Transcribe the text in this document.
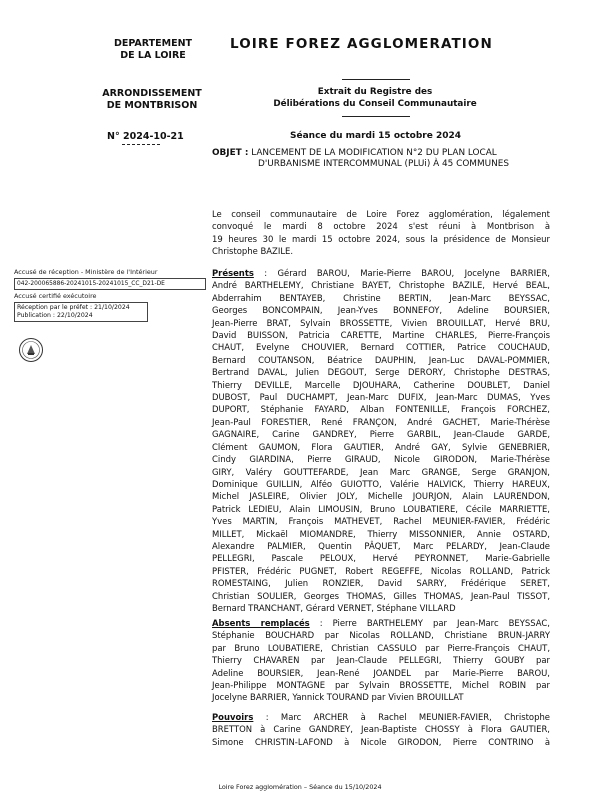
DEPARTEMENT
DE LA LOIRE
LOIRE FOREZ AGGLOMERATION
ARRONDISSEMENT
DE MONTBRISON
Extrait du Registre des
Délibérations du Conseil Communautaire
N° 2024-10-21	Séance du mardi 15 octobre 2024
OBJET : LANCEMENT DE LA MODIFICATION N°2 DU PLAN LOCAL
D'URBANISME INTERCOMMUNAL (PLUi) À 45 COMMUNES
Accusé de réception - Ministère de l'Intérieur
042-200065886-20241015-20241015_CC_D21-DE
Accusé certifié exécutoire
Réception par le préfet : 21/10/2024
Publication : 22/10/2024
Le conseil communautaire de Loire Forez agglomération, légalement
convoqué le mardi 8 octobre 2024 s'est réuni à Montbrison à
19 heures 30 le mardi 15 octobre 2024, sous la présidence de Monsieur
Christophe BAZILE.
Présents : Gérard BAROU, Marie-Pierre BAROU, Jocelyne BARRIER,
André BARTHELEMY, Christiane BAYET, Christophe BAZILE, Hervé BEAL,
Abderrahim BENTAYEB, Christine BERTIN, Jean-Marc BEYSSAC,
Georges BONCOMPAIN, Jean-Yves BONNEFOY, Adeline BOURSIER,
Jean-Pierre BRAT, Sylvain BROSSETTE, Vivien BROUILLAT, Hervé BRU,
David BUISSON, Patricia CARETTE, Martine CHARLES, Pierre-François
CHAUT, Evelyne CHOUVIER, Bernard COTTIER, Patrice COUCHAUD,
Bernard COUTANSON, Béatrice DAUPHIN, Jean-Luc DAVAL-POMMIER,
Bertrand DAVAL, Julien DEGOUT, Serge DERORY, Christophe DESTRAS,
Thierry DEVILLE, Marcelle DJOUHARA, Catherine DOUBLET, Daniel
DUBOST, Paul DUCHAMPT, Jean-Marc DUFIX, Jean-Marc DUMAS, Yves
DUPORT, Stéphanie FAYARD, Alban FONTENILLE, François FORCHEZ,
Jean-Paul FORESTIER, René FRANÇON, André GACHET, Marie-Thérèse
GAGNAIRE, Carine GANDREY, Pierre GARBIL, Jean-Claude GARDE,
Clément GAUMON, Flora GAUTIER, André GAY, Sylvie GENEBRIER,
Cindy GIARDINA, Pierre GIRAUD, Nicole GIRODON, Marie-Thérèse
GIRY, Valéry GOUTTEFARDE, Jean Marc GRANGE, Serge GRANJON,
Dominique GUILLIN, Alféo GUIOTTO, Valérie HALVICK, Thierry HAREUX,
Michel JASLEIRE, Olivier JOLY, Michelle JOURJON, Alain LAURENDON,
Patrick LEDIEU, Alain LIMOUSIN, Bruno LOUBATIERE, Cécile MARRIETTE,
Yves MARTIN, François MATHEVET, Rachel MEUNIER-FAVIER, Frédéric
MILLET, Mickaël MIOMANDRE, Thierry MISSONNIER, Annie OSTARD,
Alexandre PALMIER, Quentin PÂQUET, Marc PELARDY, Jean-Claude
PELLEGRI, Pascale PELOUX, Hervé PEYRONNET, Marie-Gabrielle
PFISTER, Frédéric PUGNET, Robert REGEFFE, Nicolas ROLLAND, Patrick
ROMESTAING, Julien RONZIER, David SARRY, Frédérique SERET,
Christian SOULIER, Georges THOMAS, Gilles THOMAS, Jean-Paul TISSOT,
Bernard TRANCHANT, Gérard VERNET, Stéphane VILLARD
Absents remplacés : Pierre BARTHELEMY par Jean-Marc BEYSSAC,
Stéphanie BOUCHARD par Nicolas ROLLAND, Christiane BRUN-JARRY
par Bruno LOUBATIERE, Christian CASSULO par Pierre-François CHAUT,
Thierry CHAVAREN par Jean-Claude PELLEGRI, Thierry GOUBY par
Adeline BOURSIER, Jean-René JOANDEL par Marie-Pierre BAROU,
Jean-Philippe MONTAGNE par Sylvain BROSSETTE, Michel ROBIN par
Jocelyne BARRIER, Yannick TOURAND par Vivien BROUILLAT
Pouvoirs : Marc ARCHER à Rachel MEUNIER-FAVIER, Christophe
BRETTON à Carine GANDREY, Jean-Baptiste CHOSSY à Flora GAUTIER,
Simone CHRISTIN-LAFOND à Nicole GIRODON, Pierre CONTRINO à
Loire Forez agglomération – Séance du 15/10/2024
